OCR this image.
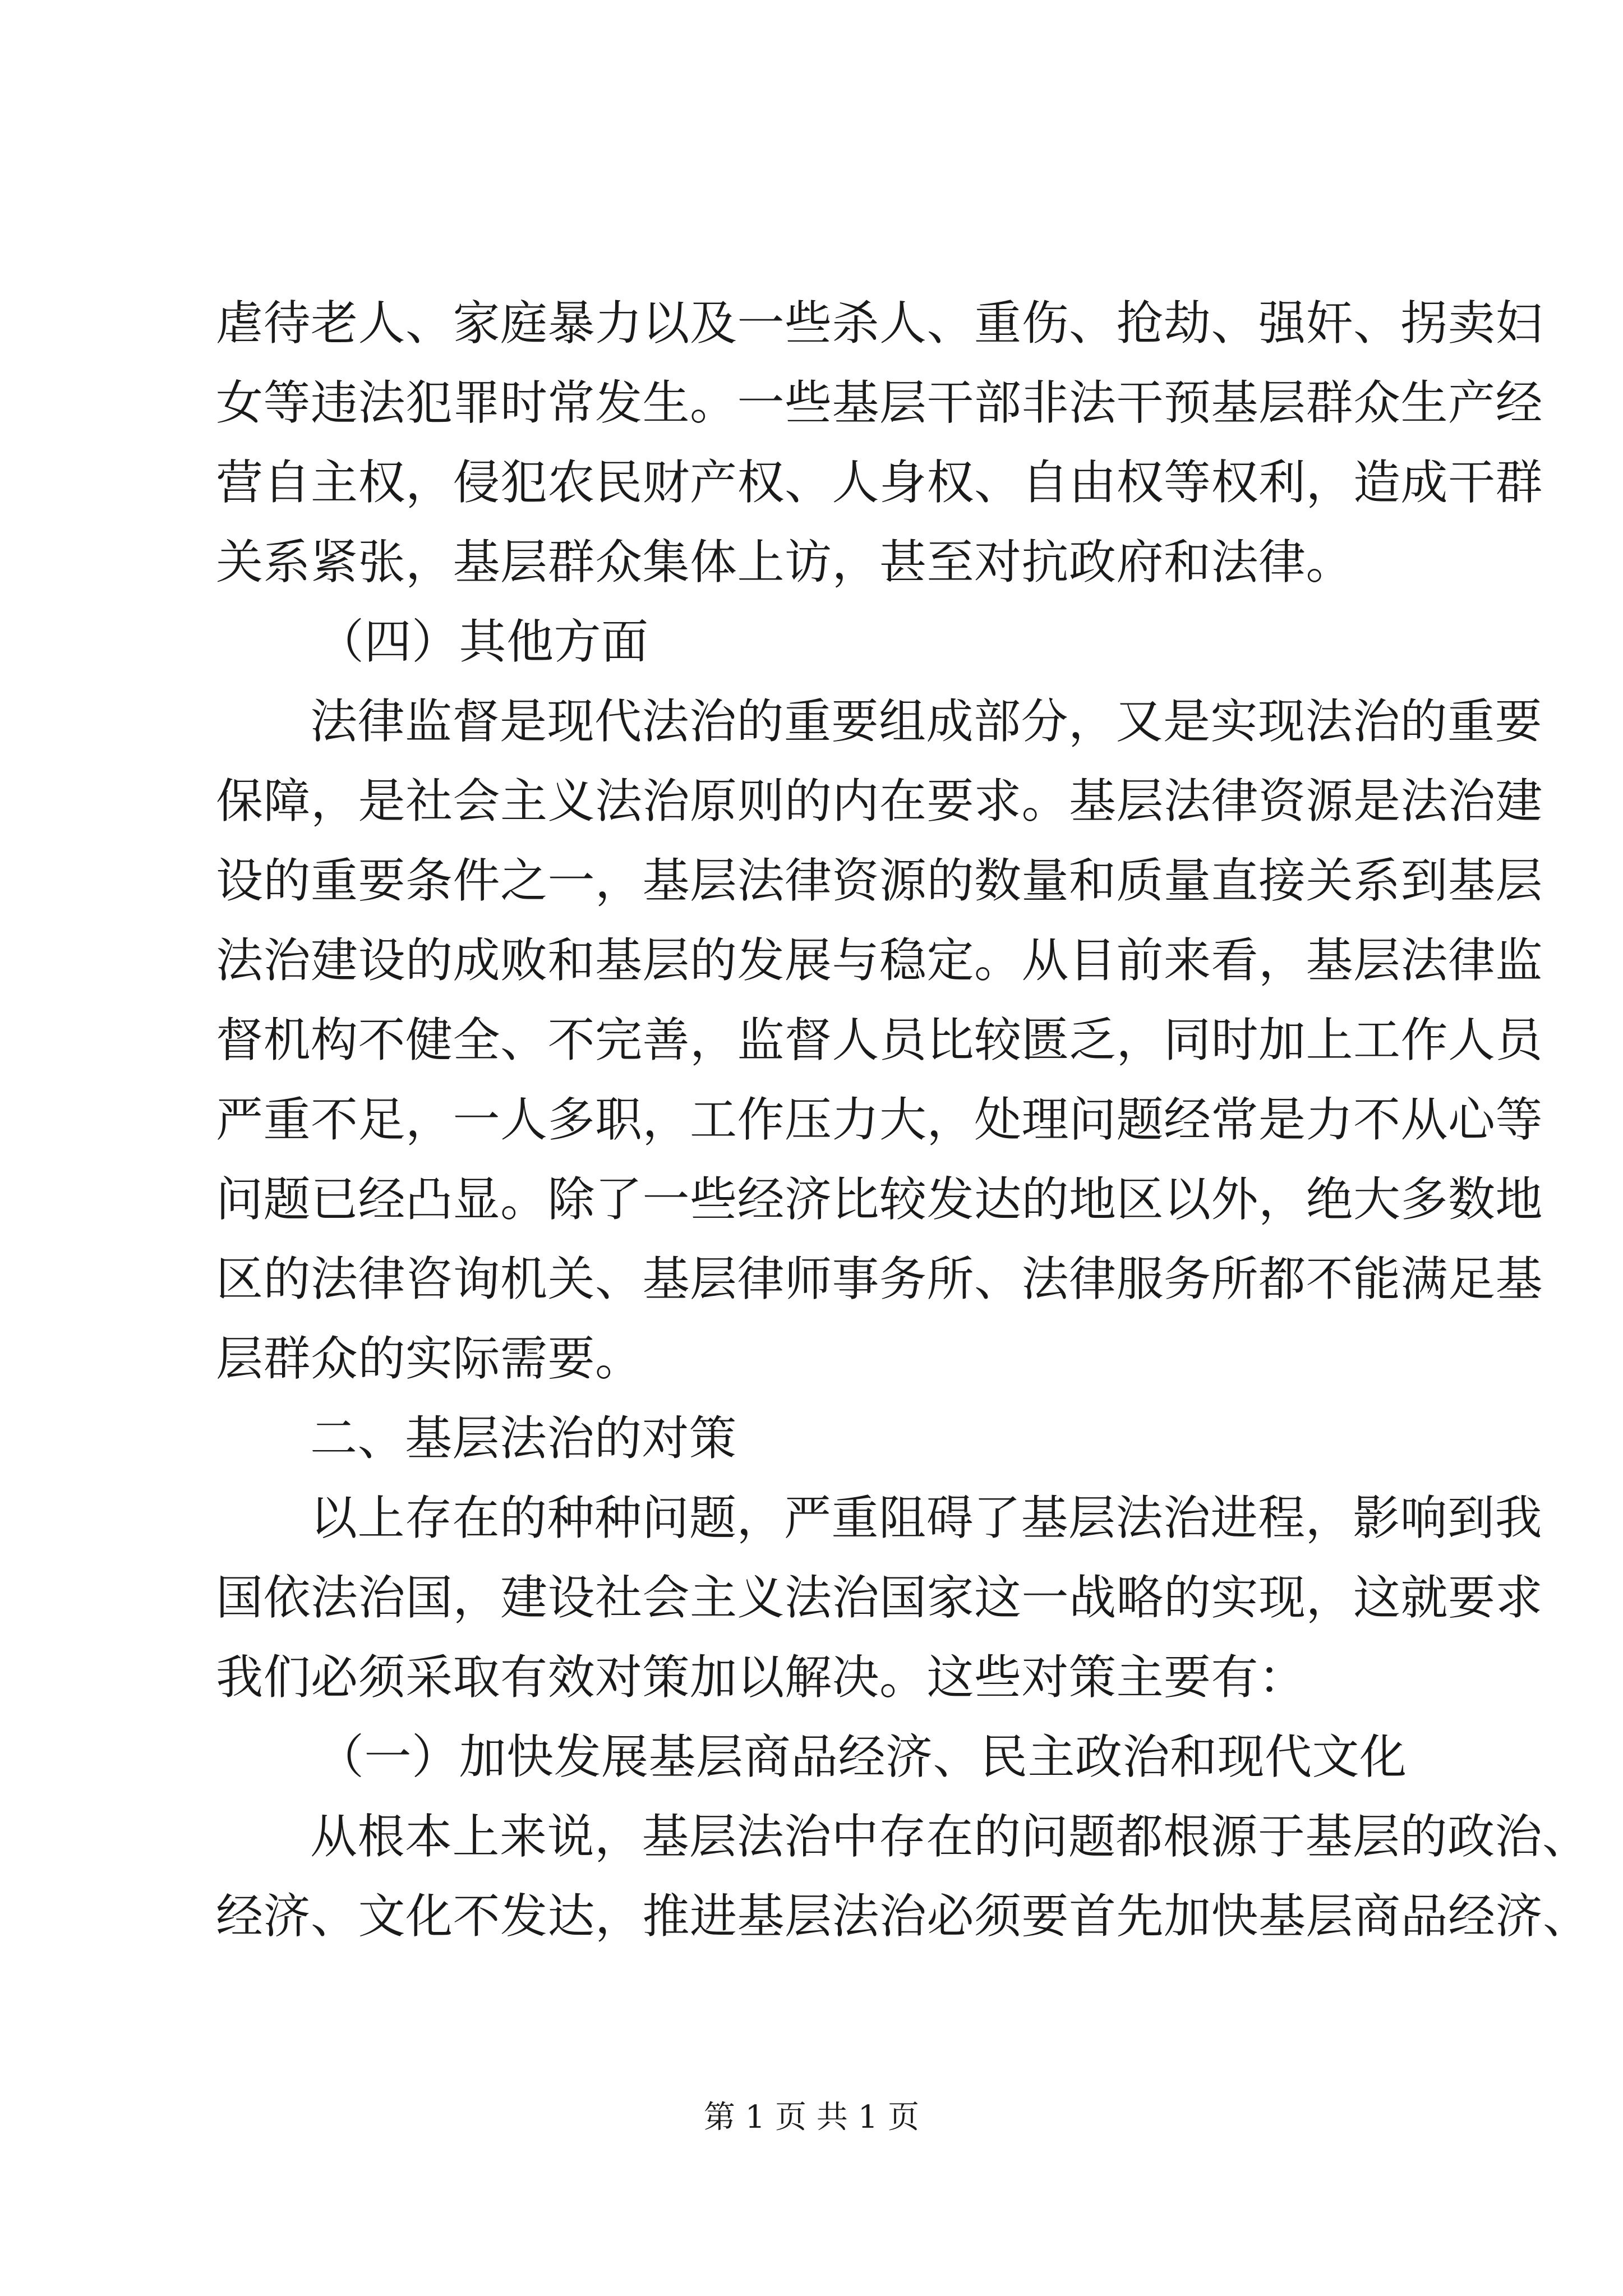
虐待老人、家庭暴力以及一些杀人、重伤、抢劫、强奸、拐卖妇
女等违法犯罪时常发生。一些基层干部非法干预基层群众生产经
营自主权，侵犯农民财产权、人身权、自由权等权利，造成干群
关系紧张，基层群众集体上访，甚至对抗政府和法律。
（四）其他方面
法律监督是现代法治的重要组成部分，又是实现法治的重要
保障，是社会主义法治原则的内在要求。基层法律资源是法治建
设的重要条件之一，基层法律资源的数量和质量直接关系到基层
法治建设的成败和基层的发展与稳定。从目前来看，基层法律监
督机构不健全、不完善，监督人员比较匮乏，同时加上工作人员
严重不足，一人多职，工作压力大，处理问题经常是力不从心等
问题已经凸显。除了一些经济比较发达的地区以外，绝大多数地
区的法律咨询机关、基层律师事务所、法律服务所都不能满足基
层群众的实际需要。
二、基层法治的对策
以上存在的种种问题，严重阻碍了基层法治进程，影响到我
国依法治国，建设社会主义法治国家这一战略的实现，这就要求
我们必须采取有效对策加以解决。这些对策主要有：
（一）加快发展基层商品经济、民主政治和现代文化
从根本上来说，基层法治中存在的问题都根源于基层的政治、
经济、文化不发达，推进基层法治必须要首先加快基层商品经济、
第 1 页 共 1 页
